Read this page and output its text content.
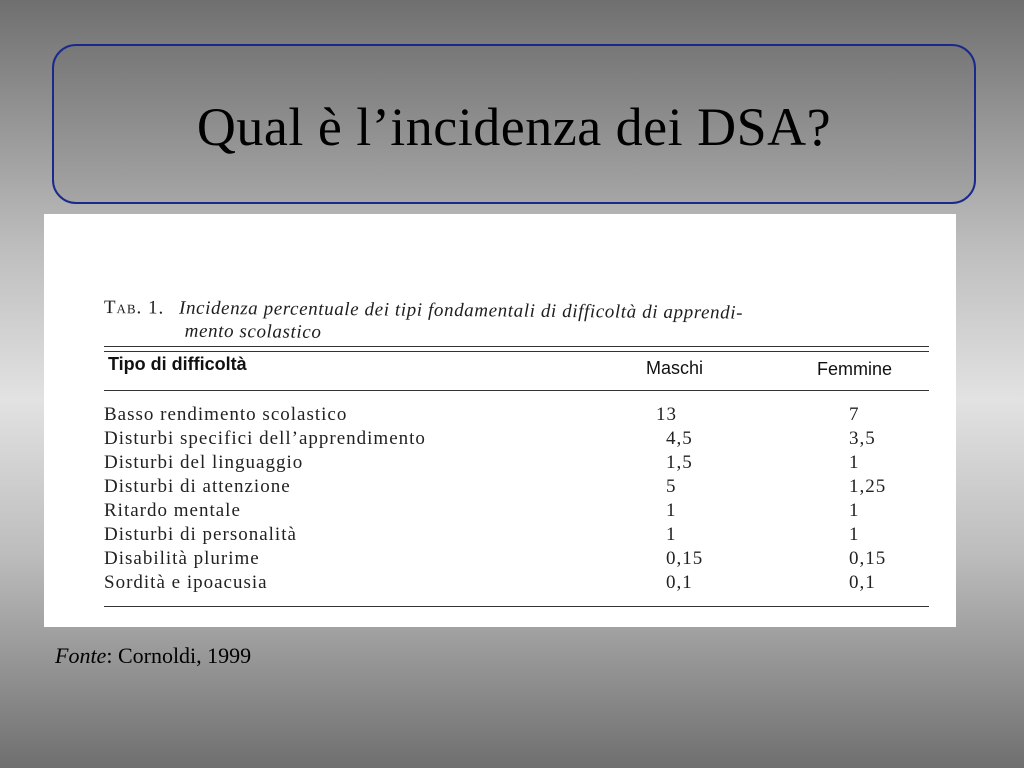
Qual è l’incidenza dei DSA?
Tab. 1. Incidenza percentuale dei tipi fondamentali di difficoltà di apprendi-
mento scolastico
Tipo di difficoltà	Maschi	Femmine
Basso rendimento scolastico	13	7
Disturbi specifici dell’apprendimento	4,5	3,5
Disturbi del linguaggio	1,5	1
Disturbi di attenzione	5	1,25
Ritardo mentale	1	1
Disturbi di personalità	1	1
Disabilità plurime	0,15	0,15
Sordità e ipoacusia	0,1	0,1
Fonte: Cornoldi, 1999
